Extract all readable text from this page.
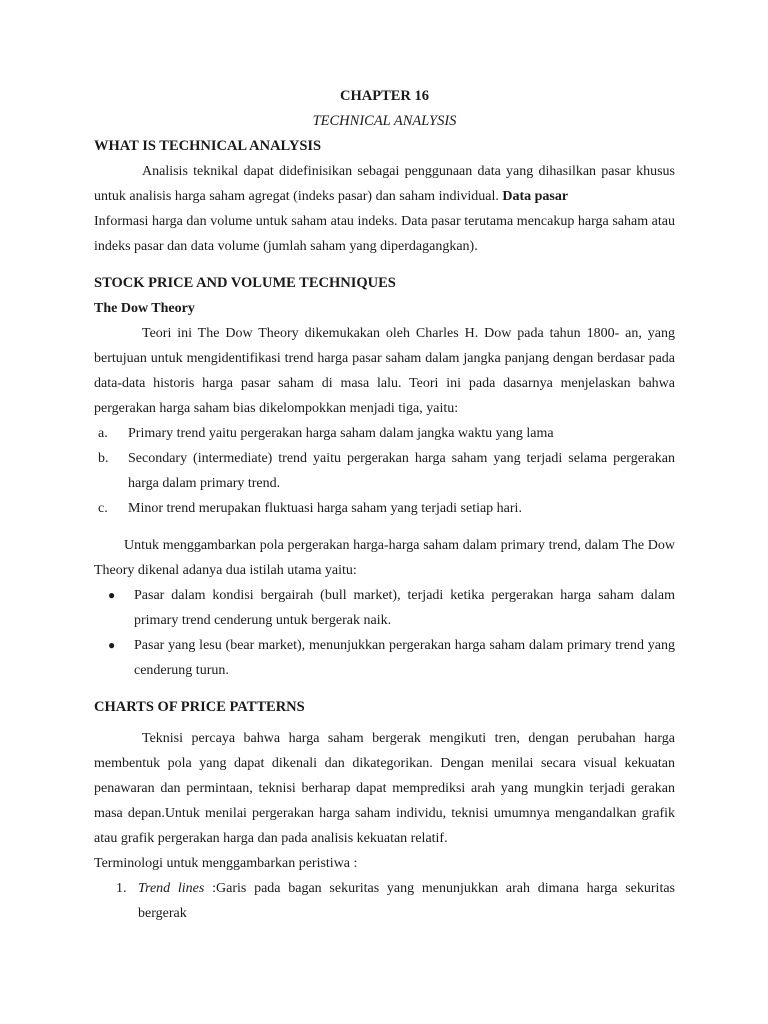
CHAPTER 16
TECHNICAL ANALYSIS
WHAT IS TECHNICAL ANALYSIS

Analisis teknikal dapat didefinisikan sebagai penggunaan data yang dihasilkan pasar khusus untuk analisis harga saham agregat (indeks pasar) dan saham individual. Data pasar
Informasi harga dan volume untuk saham atau indeks. Data pasar terutama mencakup harga saham atau indeks pasar dan data volume (jumlah saham yang diperdagangkan).

STOCK PRICE AND VOLUME TECHNIQUES
The Dow Theory

Teori ini The Dow Theory dikemukakan oleh Charles H. Dow pada tahun 1800- an, yang bertujuan untuk mengidentifikasi trend harga pasar saham dalam jangka panjang dengan berdasar pada data-data historis harga pasar saham di masa lalu. Teori ini pada dasarnya menjelaskan bahwa pergerakan harga saham bias dikelompokkan menjadi tiga, yaitu:

a. Primary trend yaitu pergerakan harga saham dalam jangka waktu yang lama
b. Secondary (intermediate) trend yaitu pergerakan harga saham yang terjadi selama pergerakan harga dalam primary trend.
c. Minor trend merupakan fluktuasi harga saham yang terjadi setiap hari.

Untuk menggambarkan pola pergerakan harga-harga saham dalam primary trend, dalam The Dow Theory dikenal adanya dua istilah utama yaitu:

● Pasar dalam kondisi bergairah (bull market), terjadi ketika pergerakan harga saham dalam primary trend cenderung untuk bergerak naik.
● Pasar yang lesu (bear market), menunjukkan pergerakan harga saham dalam primary trend yang cenderung turun.
CHARTS OF PRICE PATTERNS

Teknisi percaya bahwa harga saham bergerak mengikuti tren, dengan perubahan harga membentuk pola yang dapat dikenali dan dikategorikan. Dengan menilai secara visual kekuatan penawaran dan permintaan, teknisi berharap dapat memprediksi arah yang mungkin terjadi gerakan masa depan.Untuk menilai pergerakan harga saham individu, teknisi umumnya mengandalkan grafik atau grafik pergerakan harga dan pada analisis kekuatan relatif.

Terminologi untuk menggambarkan peristiwa :

1. Trend lines :Garis pada bagan sekuritas yang menunjukkan arah dimana harga sekuritas bergerak
